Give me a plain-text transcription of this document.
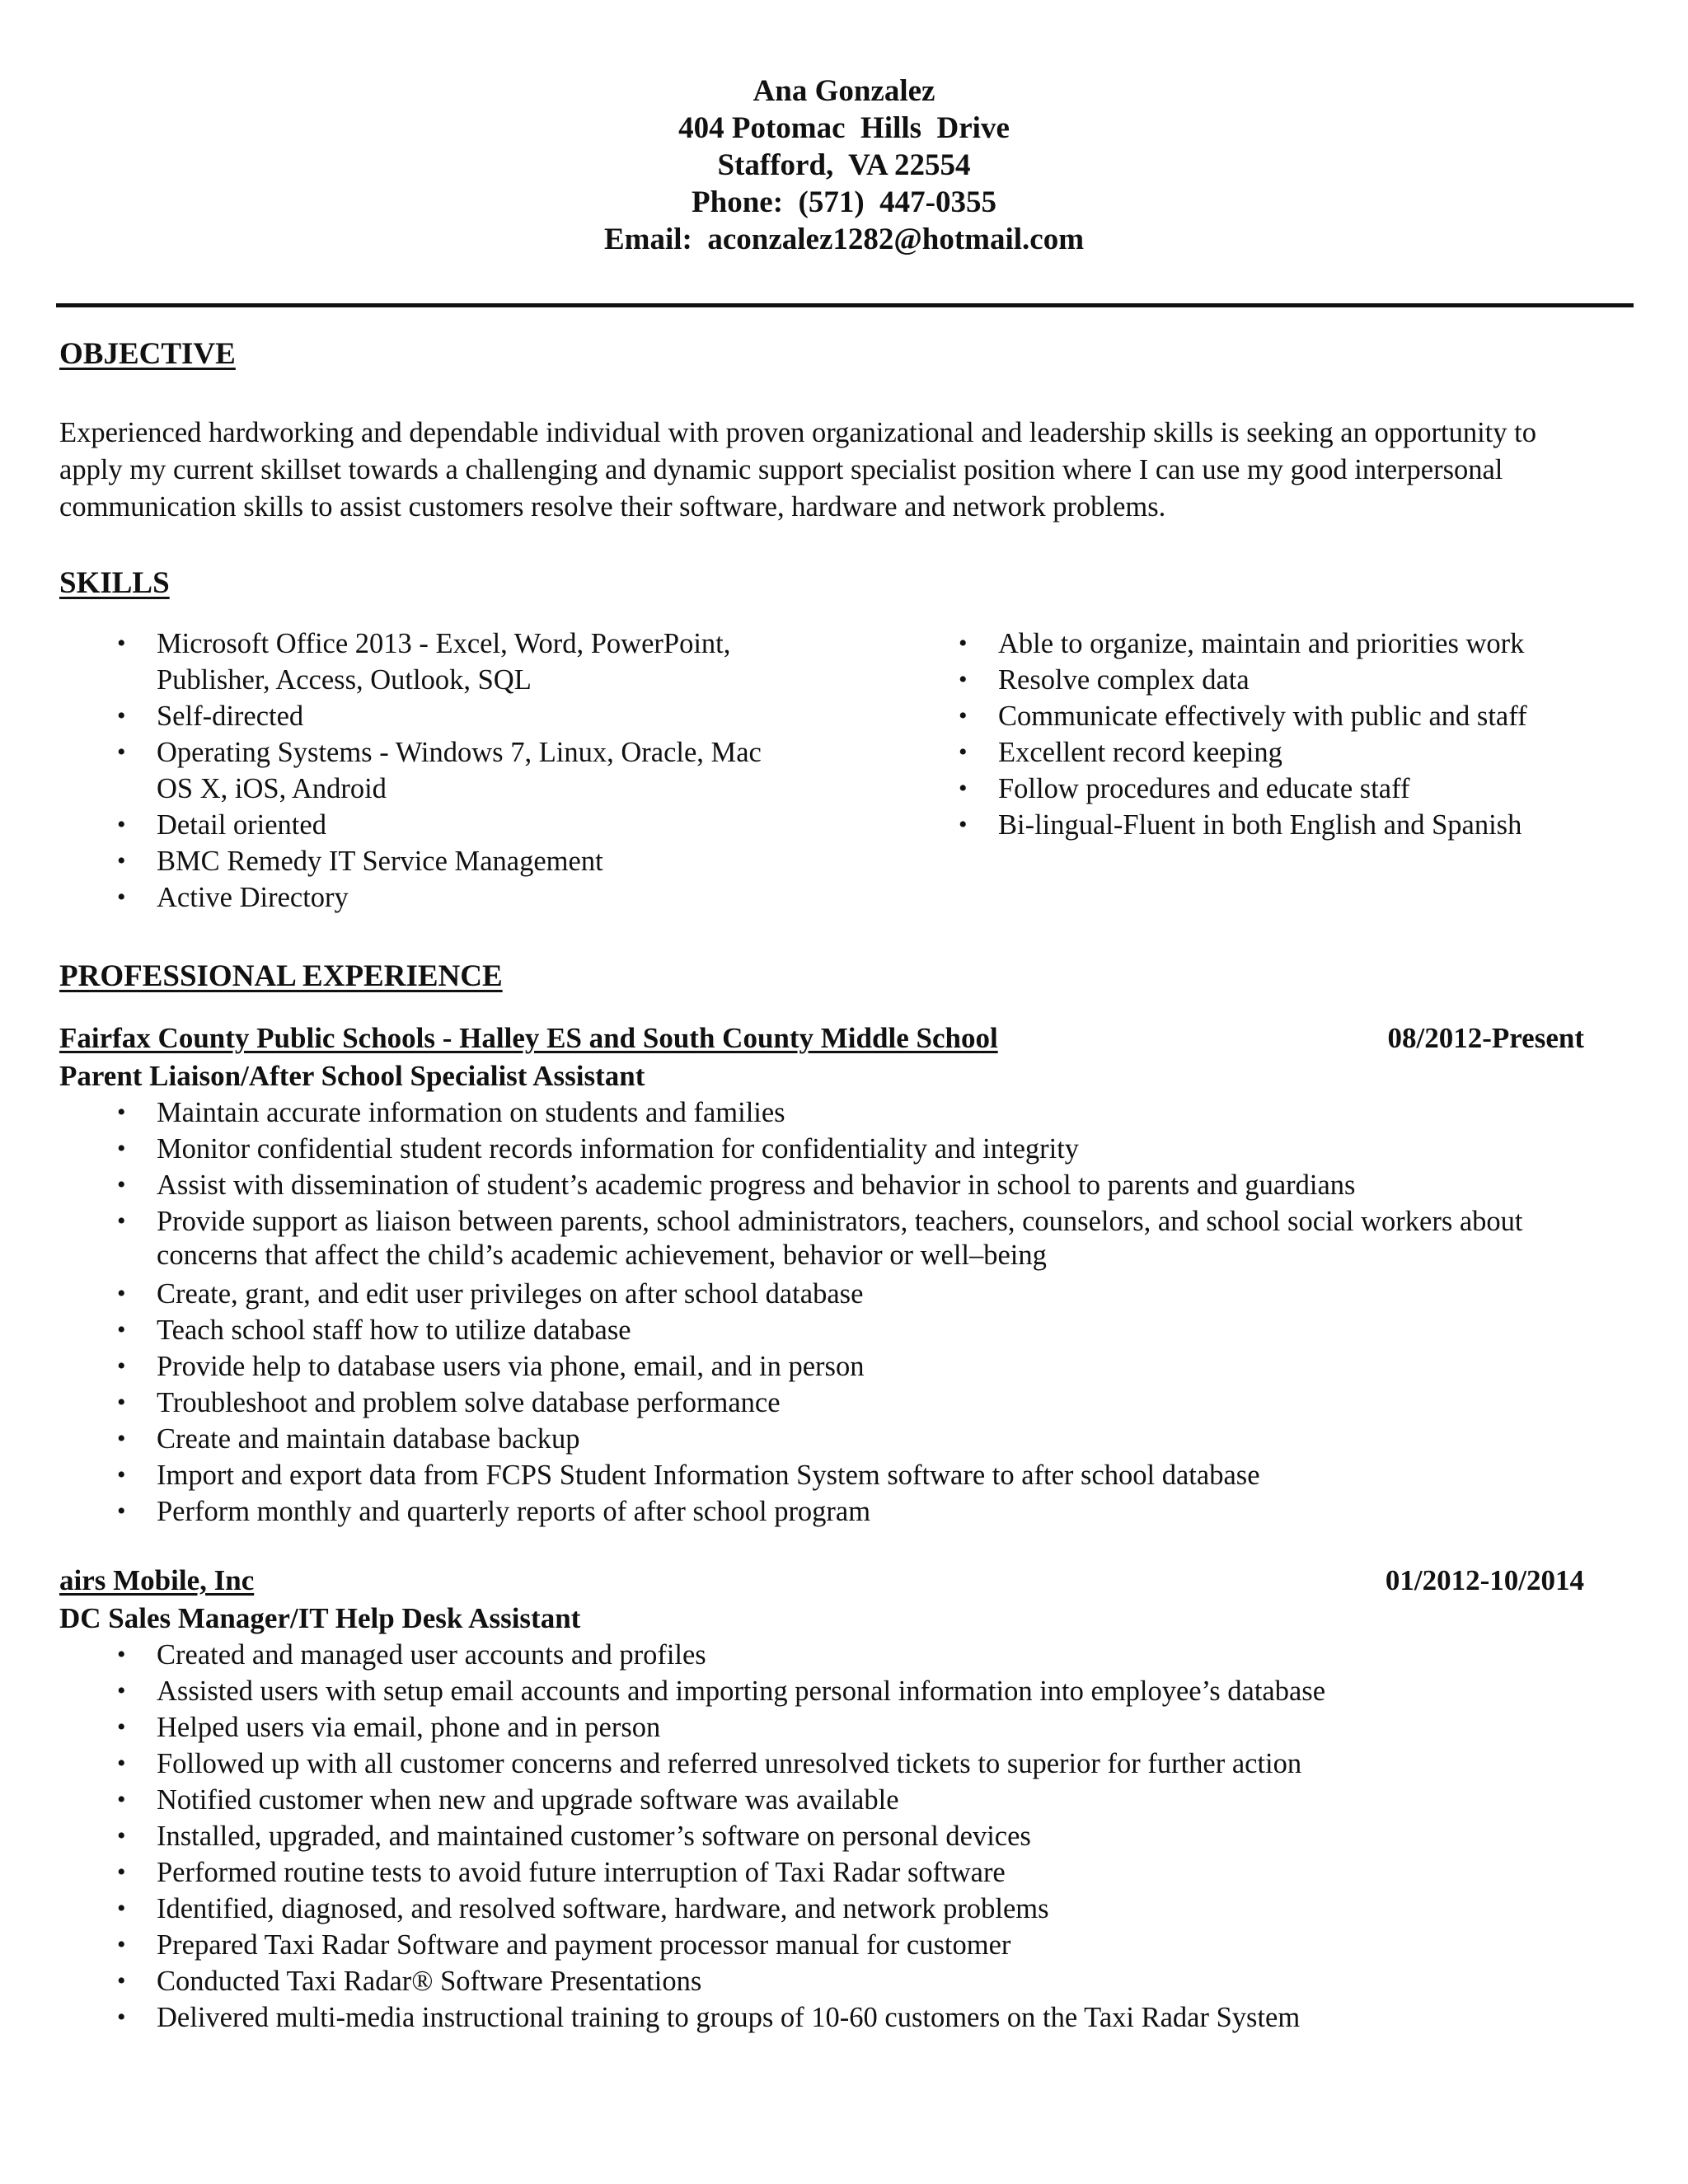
Ana Gonzalez
404 Potomac  Hills  Drive
Stafford,  VA 22554
Phone:  (571)  447-0355
Email:  aconzalez1282@hotmail.com
OBJECTIVE
Experienced hardworking and dependable individual with proven organizational and leadership skills is seeking an opportunity to
apply my current skillset towards a challenging and dynamic support specialist position where I can use my good interpersonal
communication skills to assist customers resolve their software, hardware and network problems.
SKILLS
• Microsoft Office 2013 - Excel, Word, PowerPoint,
Publisher, Access, Outlook, SQL
• Self-directed
• Operating Systems - Windows 7, Linux, Oracle, Mac
OS X, iOS, Android
• Detail oriented
• BMC Remedy IT Service Management
• Active Directory
• Able to organize, maintain and priorities work
• Resolve complex data
• Communicate effectively with public and staff
• Excellent record keeping
• Follow procedures and educate staff
• Bi-lingual-Fluent in both English and Spanish
PROFESSIONAL EXPERIENCE
Fairfax County Public Schools - Halley ES and South County Middle School	08/2012-Present
Parent Liaison/After School Specialist Assistant
• Maintain accurate information on students and families
• Monitor confidential student records information for confidentiality and integrity
• Assist with dissemination of student’s academic progress and behavior in school to parents and guardians
• Provide support as liaison between parents, school administrators, teachers, counselors, and school social workers about
concerns that affect the child’s academic achievement, behavior or well–being
• Create, grant, and edit user privileges on after school database
• Teach school staff how to utilize database
• Provide help to database users via phone, email, and in person
• Troubleshoot and problem solve database performance
• Create and maintain database backup
• Import and export data from FCPS Student Information System software to after school database
• Perform monthly and quarterly reports of after school program
airs Mobile, Inc	01/2012-10/2014
DC Sales Manager/IT Help Desk Assistant
• Created and managed user accounts and profiles
• Assisted users with setup email accounts and importing personal information into employee’s database
• Helped users via email, phone and in person
• Followed up with all customer concerns and referred unresolved tickets to superior for further action
• Notified customer when new and upgrade software was available
• Installed, upgraded, and maintained customer’s software on personal devices
• Performed routine tests to avoid future interruption of Taxi Radar software
• Identified, diagnosed, and resolved software, hardware, and network problems
• Prepared Taxi Radar Software and payment processor manual for customer
• Conducted Taxi Radar® Software Presentations
• Delivered multi-media instructional training to groups of 10-60 customers on the Taxi Radar System
